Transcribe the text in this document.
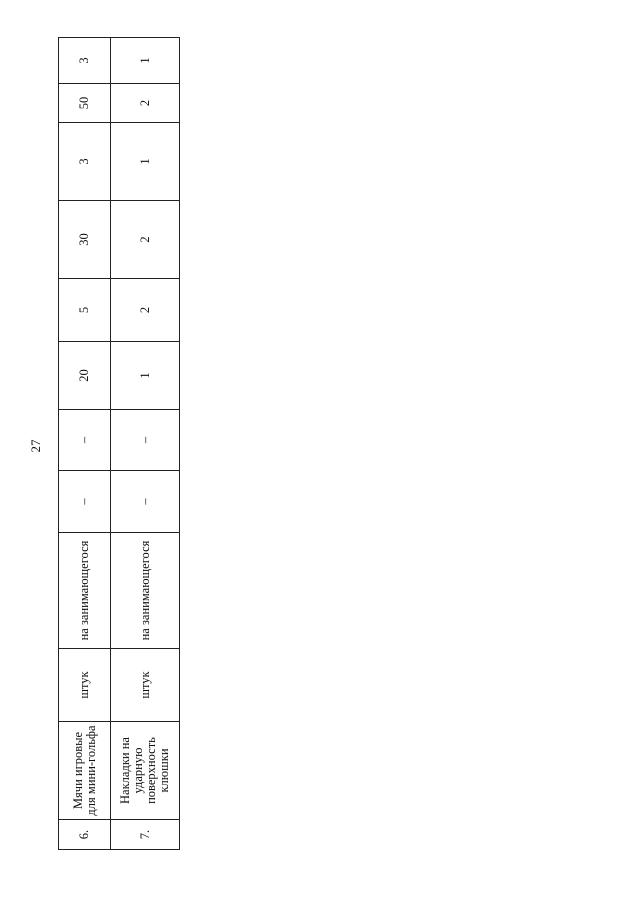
27
6.	Мячи игровые для мини-гольфа	штук	на занимающегося	–	–	20	5	30	3	50	3
7.	Накладки на ударную поверхность клюшки	штук	на занимающегося	–	–	1	2	2	1	2	1
